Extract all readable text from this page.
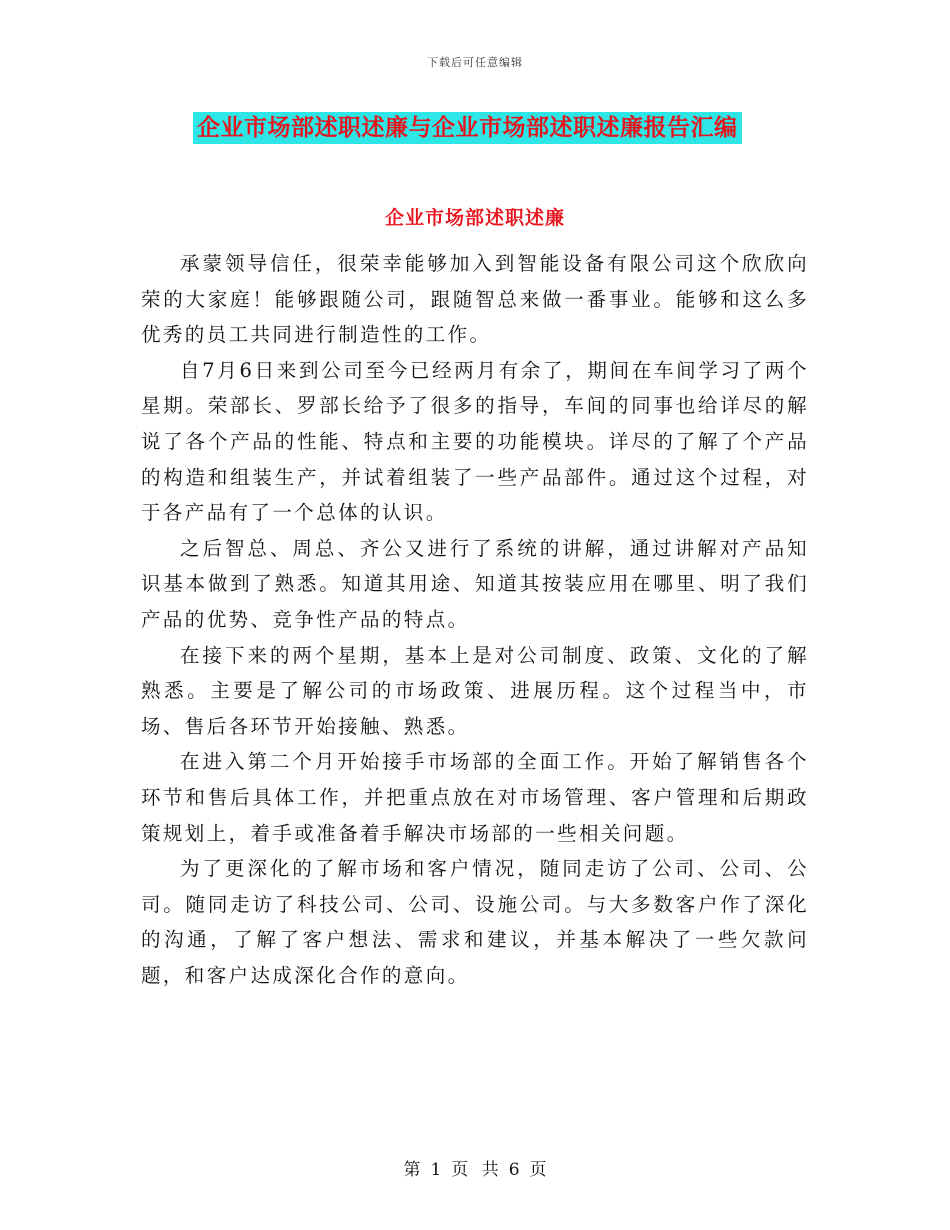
下载后可任意编辑
企业市场部述职述廉与企业市场部述职述廉报告汇编
企业市场部述职述廉

承蒙领导信任，很荣幸能够加入到智能设备有限公司这个欣欣向荣的大家庭！能够跟随公司，跟随智总来做一番事业。能够和这么多优秀的员工共同进行制造性的工作。

自7月6日来到公司至今已经两月有余了，期间在车间学习了两个星期。荣部长、罗部长给予了很多的指导，车间的同事也给详尽的解说了各个产品的性能、特点和主要的功能模块。详尽的了解了个产品的构造和组装生产，并试着组装了一些产品部件。通过这个过程，对于各产品有了一个总体的认识。

之后智总、周总、齐公又进行了系统的讲解，通过讲解对产品知识基本做到了熟悉。知道其用途、知道其按装应用在哪里、明了我们产品的优势、竞争性产品的特点。

在接下来的两个星期，基本上是对公司制度、政策、文化的了解熟悉。主要是了解公司的市场政策、进展历程。这个过程当中，市场、售后各环节开始接触、熟悉。

在进入第二个月开始接手市场部的全面工作。开始了解销售各个环节和售后具体工作，并把重点放在对市场管理、客户管理和后期政策规划上，着手或准备着手解决市场部的一些相关问题。

为了更深化的了解市场和客户情况，随同走访了公司、公司、公司。随同走访了科技公司、公司、设施公司。与大多数客户作了深化的沟通，了解了客户想法、需求和建议，并基本解决了一些欠款问题，和客户达成深化合作的意向。

第 1 页 共 6 页
